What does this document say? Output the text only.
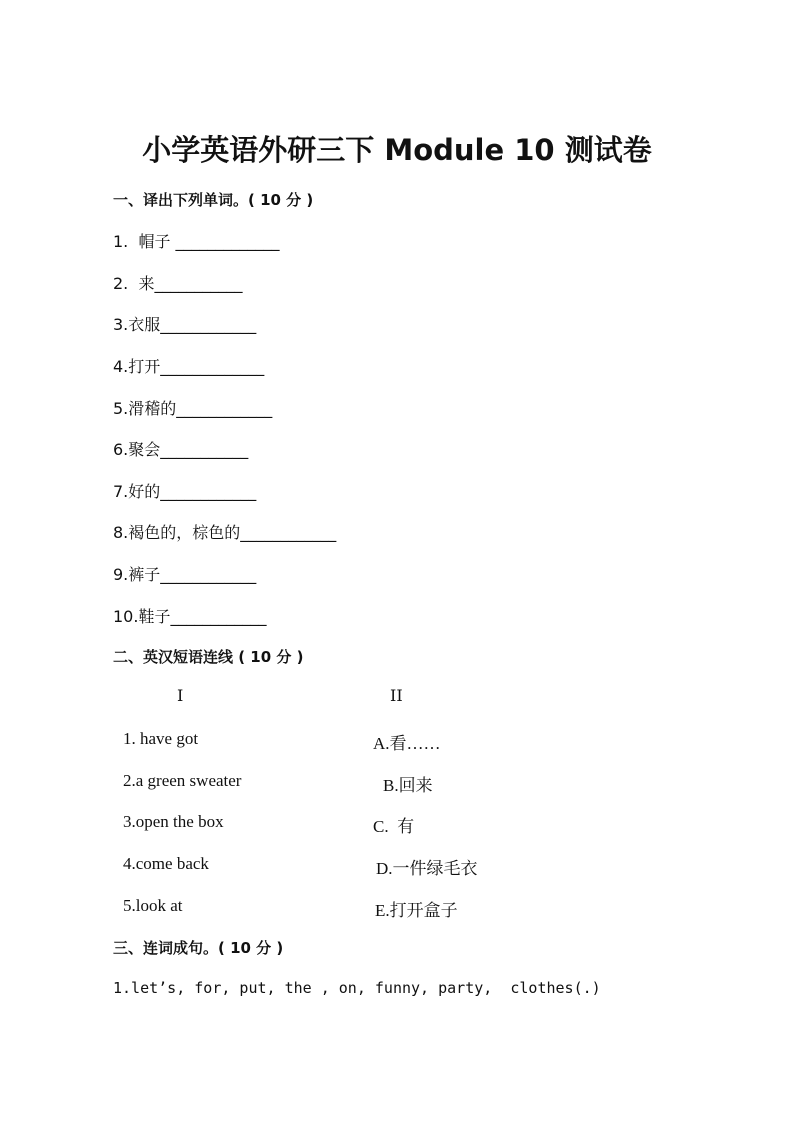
小学英语外研三下 Module 10 测试卷
一、译出下列单词。( 10 分 )
1.  帽子 _____________
2.  来___________
3.衣服____________
4.打开_____________
5.滑稽的____________
6.聚会___________
7.好的____________
8.褐色的，棕色的____________
9.裤子____________
10.鞋子____________
二、英汉短语连线 ( 10 分 )
I	II
1. have got
2.a green sweater
3.open the box
4.come back
5.look at
A.看……
B.回来
C.  有
D.一件绿毛衣
E.打开盒子
三、连词成句。( 10 分 )
1.let’s, for, put, the , on, funny, party,  clothes(.)
